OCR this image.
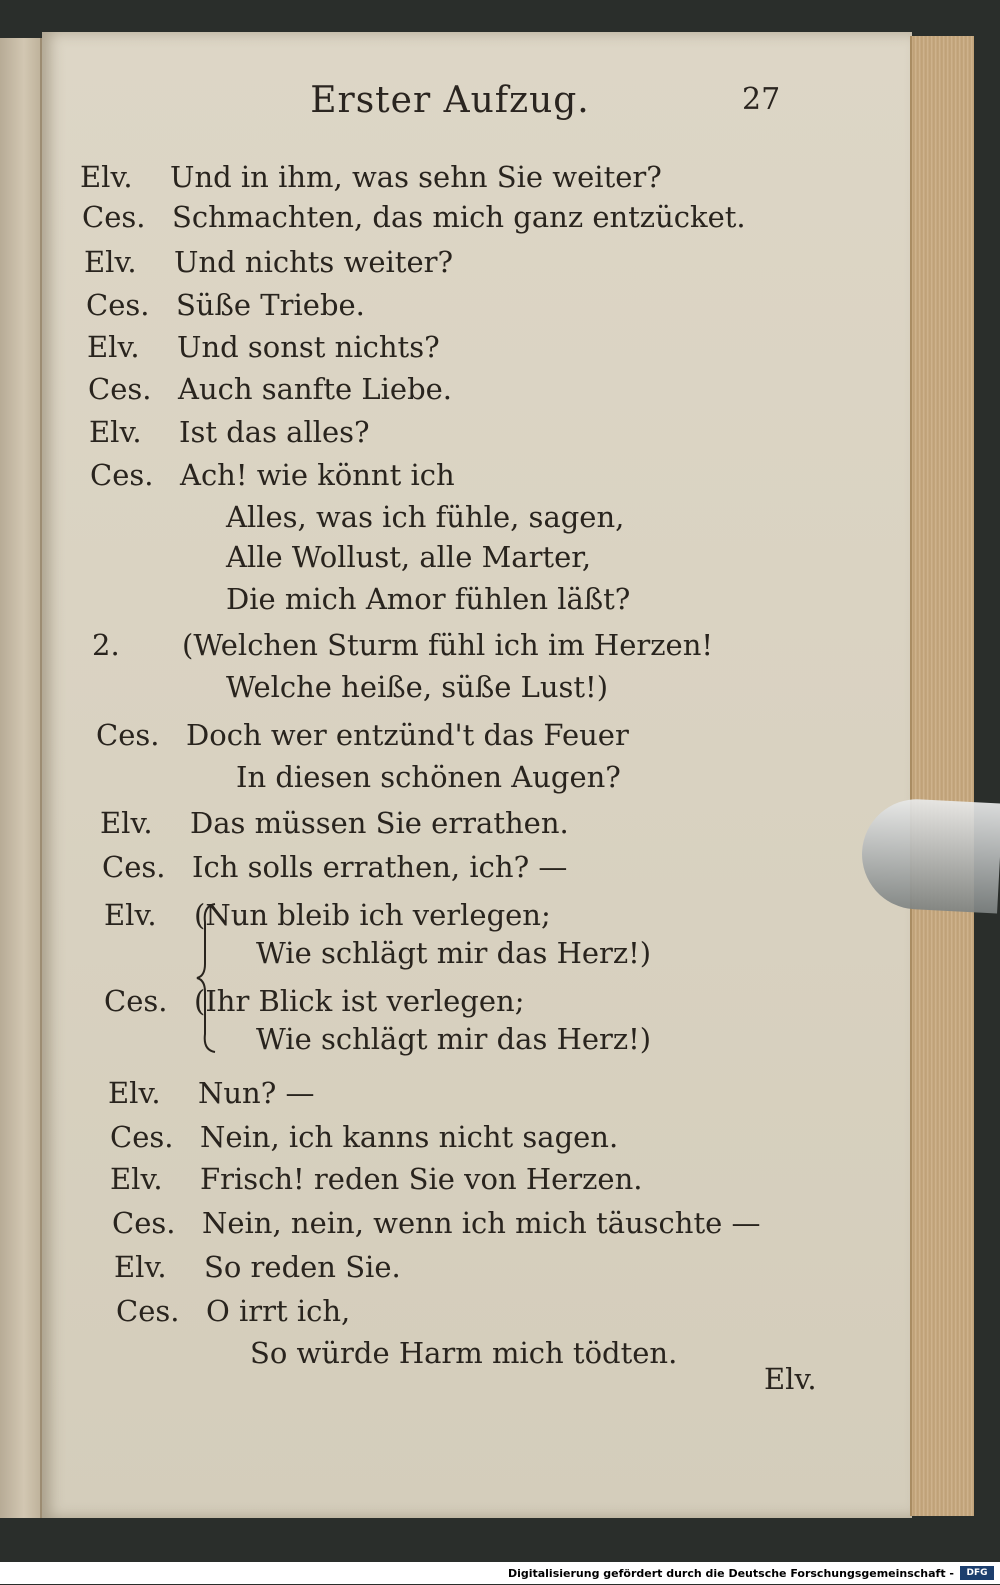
Erster Aufzug.	27
Elv. Und in ihm, was sehn Sie weiter?
Ces. Schmachten, das mich ganz entzücket.
Elv. Und nichts weiter?
Ces. Süße Triebe.
Elv. Und sonst nichts?
Ces. Auch sanfte Liebe.
Elv. Ist das alles?
Ces. Ach! wie könnt ich
Alles, was ich fühle, sagen,
Alle Wollust, alle Marter,
Die mich Amor fühlen läßt?
2. (Welchen Sturm fühl ich im Herzen!
Welche heiße, süße Lust!)
Ces. Doch wer entzünd't das Feuer
In diesen schönen Augen?
Elv. Das müssen Sie errathen.
Ces. Ich solls errathen, ich? —
Elv. (Nun bleib ich verlegen;
Wie schlägt mir das Herz!)
Ces. (Ihr Blick ist verlegen;
Wie schlägt mir das Herz!)
Elv. Nun? —
Ces. Nein, ich kanns nicht sagen.
Elv. Frisch! reden Sie von Herzen.
Ces. Nein, nein, wenn ich mich täuschte —
Elv. So reden Sie.
Ces. O irrt ich,
So würde Harm mich tödten.
Elv.
Digitalisierung gefördert durch die Deutsche Forschungsgemeinschaft -	DFG
